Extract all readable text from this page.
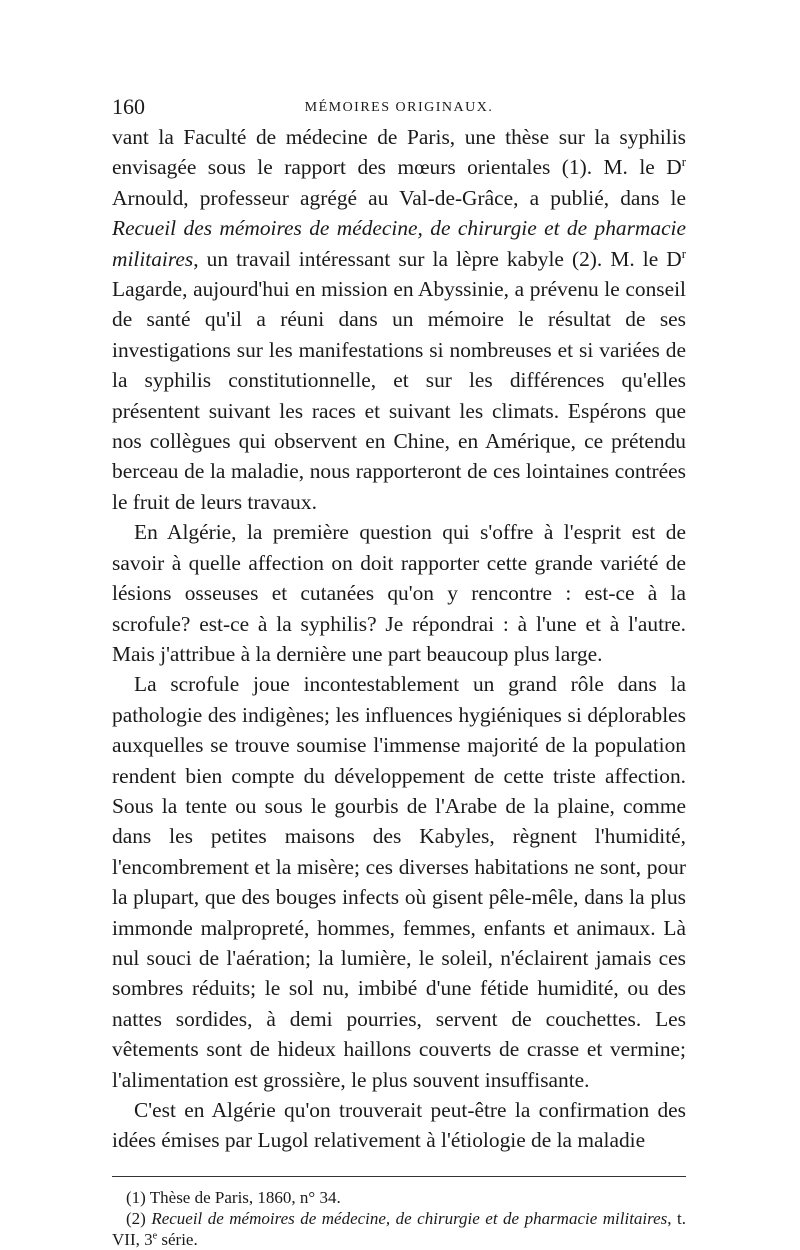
160	MÉMOIRES ORIGINAUX.

vant la Faculté de médecine de Paris, une thèse sur la syphilis envisagée sous le rapport des mœurs orientales (1). M. le $D^r$ Arnould, professeur agrégé au Val-de-Grâce, a publié, dans le Recueil des mémoires de médecine, de chirurgie et de pharmacie militaires, un travail intéressant sur la lèpre kabyle (2). M. le $D^r$ Lagarde, aujourd'hui en mission en Abyssinie, a prévenu le conseil de santé qu'il a réuni dans un mémoire le résultat de ses investigations sur les manifestations si nombreuses et si variées de la syphilis constitutionnelle, et sur les différences qu'elles présentent suivant les races et suivant les climats. Espérons que nos collègues qui observent en Chine, en Amérique, ce prétendu berceau de la maladie, nous rapporteront de ces lointaines contrées le fruit de leurs travaux.

En Algérie, la première question qui s'offre à l'esprit est de savoir à quelle affection on doit rapporter cette grande variété de lésions osseuses et cutanées qu'on y rencontre : est-ce à la scrofule? est-ce à la syphilis? Je répondrai : à l'une et à l'autre. Mais j'attribue à la dernière une part beaucoup plus large.

La scrofule joue incontestablement un grand rôle dans la pathologie des indigènes; les influences hygiéniques si déplorables auxquelles se trouve soumise l'immense majorité de la population rendent bien compte du développement de cette triste affection. Sous la tente ou sous le gourbis de l'Arabe de la plaine, comme dans les petites maisons des Kabyles, règnent l'humidité, l'encombrement et la misère; ces diverses habitations ne sont, pour la plupart, que des bouges infects où gisent pêle-mêle, dans la plus immonde malpropreté, hommes, femmes, enfants et animaux. Là nul souci de l'aération; la lumière, le soleil, n'éclairent jamais ces sombres réduits; le sol nu, imbibé d'une fétide humidité, ou des nattes sordides, à demi pourries, servent de couchettes. Les vêtements sont de hideux haillons couverts de crasse et vermine; l'alimentation est grossière, le plus souvent insuffisante.

C'est en Algérie qu'on trouverait peut-être la confirmation des idées émises par Lugol relativement à l'étiologie de la maladie

(1) Thèse de Paris, 1860, n° 34.

(2) Recueil de mémoires de médecine, de chirurgie et de pharmacie militaires, t. VII, 3e série.
